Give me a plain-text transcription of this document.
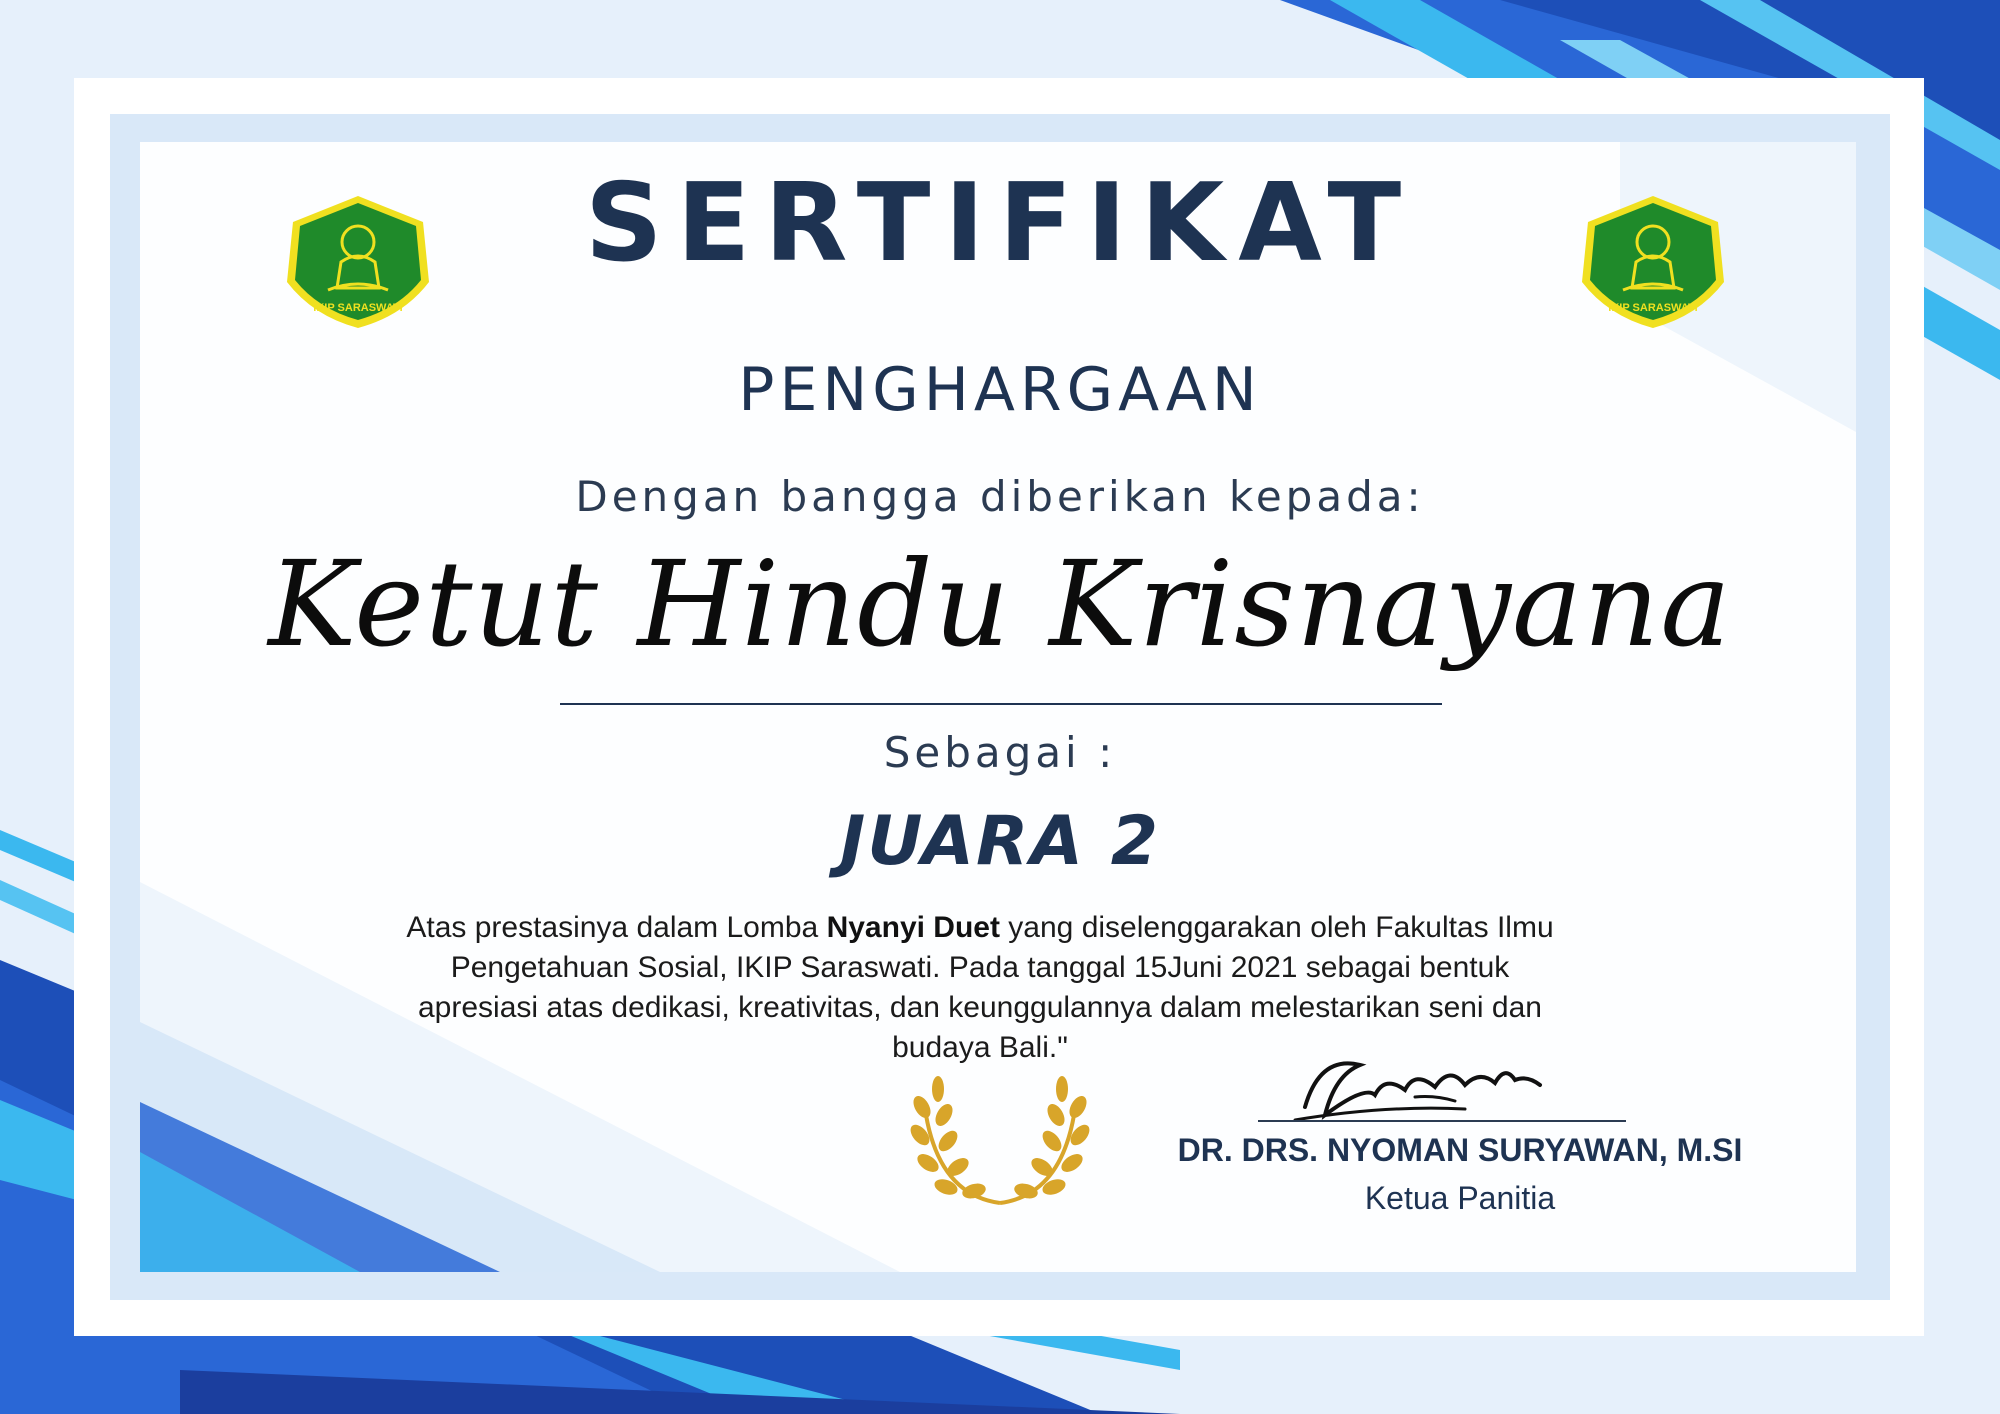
IKIP SARASWATI	IKIP SARASWATI
SERTIFIKAT
PENGHARGAAN
Dengan bangga diberikan kepada:
Ketut Hindu Krisnayana
Sebagai :
JUARA 2
Atas prestasinya dalam Lomba Nyanyi Duet yang diselenggarakan oleh Fakultas Ilmu Pengetahuan Sosial, IKIP Saraswati. Pada tanggal 15Juni 2021 sebagai bentuk apresiasi atas dedikasi, kreativitas, dan keunggulannya dalam melestarikan seni dan budaya Bali."
DR. DRS. NYOMAN SURYAWAN, M.SI
Ketua Panitia
